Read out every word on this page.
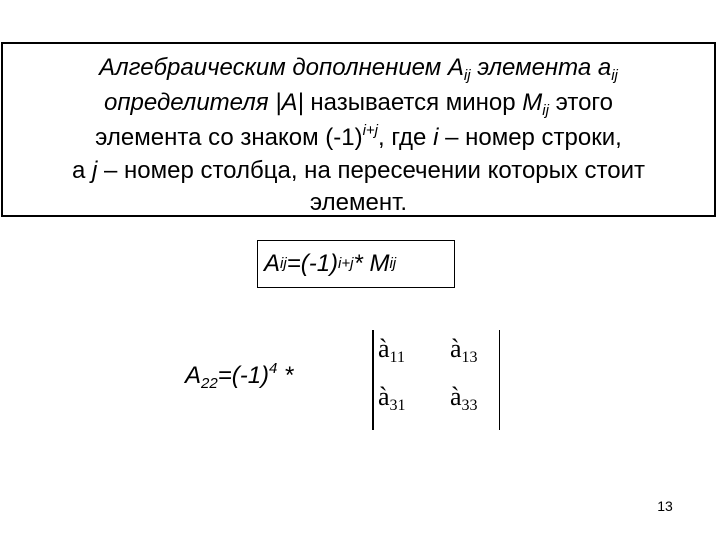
Алгебраическим дополнением $A_{ij}$ элемента $a_{ij}$
определителя |A| называется минор $M_{ij}$ этого
элемента со знаком $(-1)^{i+j}$, где i – номер строки,
а j – номер столбца, на пересечении которых стоит
элемент.
A ij =(-1) i+j * M ij
$A_{22}=(-1)^4$ *
à11 à13
à31 à33
13
